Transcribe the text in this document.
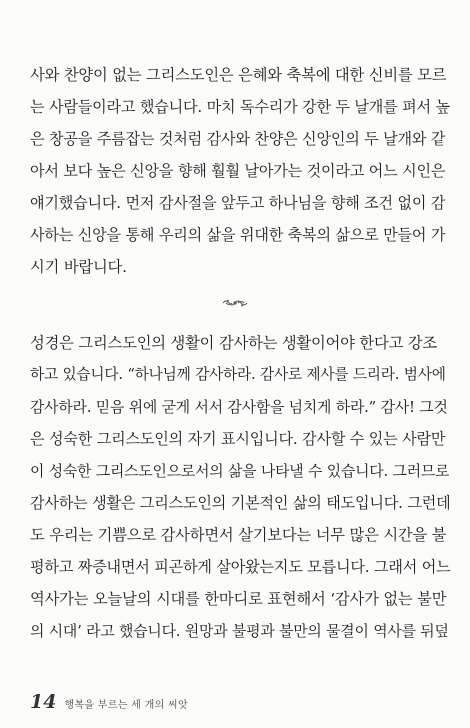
사와 찬양이 없는 그리스도인은 은혜와 축복에 대한 신비를 모르
는 사람들이라고 했습니다. 마치 독수리가 강한 두 날개를 펴서 높
은 창공을 주름잡는 것처럼 감사와 찬양은 신앙인의 두 날개와 같
아서 보다 높은 신앙을 향해 훨훨 날아가는 것이라고 어느 시인은
얘기했습니다. 먼저 감사절을 앞두고 하나님을 향해 조건 없이 감
사하는 신앙을 통해 우리의 삶을 위대한 축복의 삶으로 만들어 가
시기 바랍니다.
성경은 그리스도인의 생활이 감사하는 생활이어야 한다고 강조
하고 있습니다. “하나님께 감사하라. 감사로 제사를 드리라. 범사에
감사하라. 믿음 위에 굳게 서서 감사함을 넘치게 하라.” 감사! 그것
은 성숙한 그리스도인의 자기 표시입니다. 감사할 수 있는 사람만
이 성숙한 그리스도인으로서의 삶을 나타낼 수 있습니다. 그러므로
감사하는 생활은 그리스도인의 기본적인 삶의 태도입니다. 그런데
도 우리는 기쁨으로 감사하면서 살기보다는 너무 많은 시간을 불
평하고 짜증내면서 피곤하게 살아왔는지도 모릅니다. 그래서 어느
역사가는 오늘날의 시대를 한마디로 표현해서 ‘감사가 없는 불만
의 시대’ 라고 했습니다. 원망과 불평과 불만의 물결이 역사를 뒤덮
14 행복을 부르는 세 개의 씨앗
